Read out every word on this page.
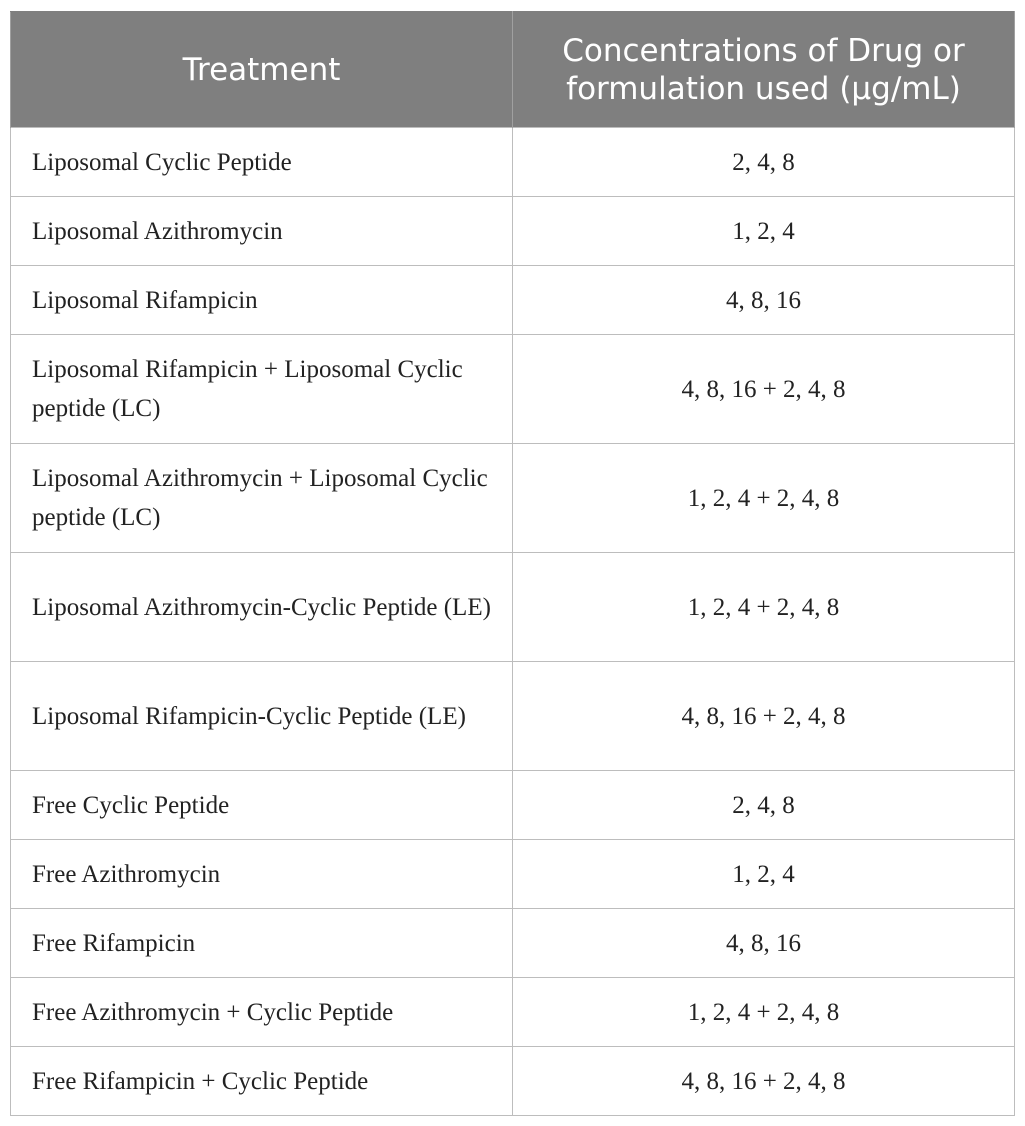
Treatment	Concentrations of Drug or formulation used (µg/mL)
Liposomal Cyclic Peptide	2, 4, 8
Liposomal Azithromycin	1, 2, 4
Liposomal Rifampicin	4, 8, 16
Liposomal Rifampicin + Liposomal Cyclic peptide (LC)	4, 8, 16 + 2, 4, 8
Liposomal Azithromycin + Liposomal Cyclic peptide (LC)	1, 2, 4 + 2, 4, 8
Liposomal Azithromycin-Cyclic Peptide (LE)	1, 2, 4 + 2, 4, 8
Liposomal Rifampicin-Cyclic Peptide (LE)	4, 8, 16 + 2, 4, 8
Free Cyclic Peptide	2, 4, 8
Free Azithromycin	1, 2, 4
Free Rifampicin	4, 8, 16
Free Azithromycin + Cyclic Peptide	1, 2, 4 + 2, 4, 8
Free Rifampicin + Cyclic Peptide	4, 8, 16 + 2, 4, 8
